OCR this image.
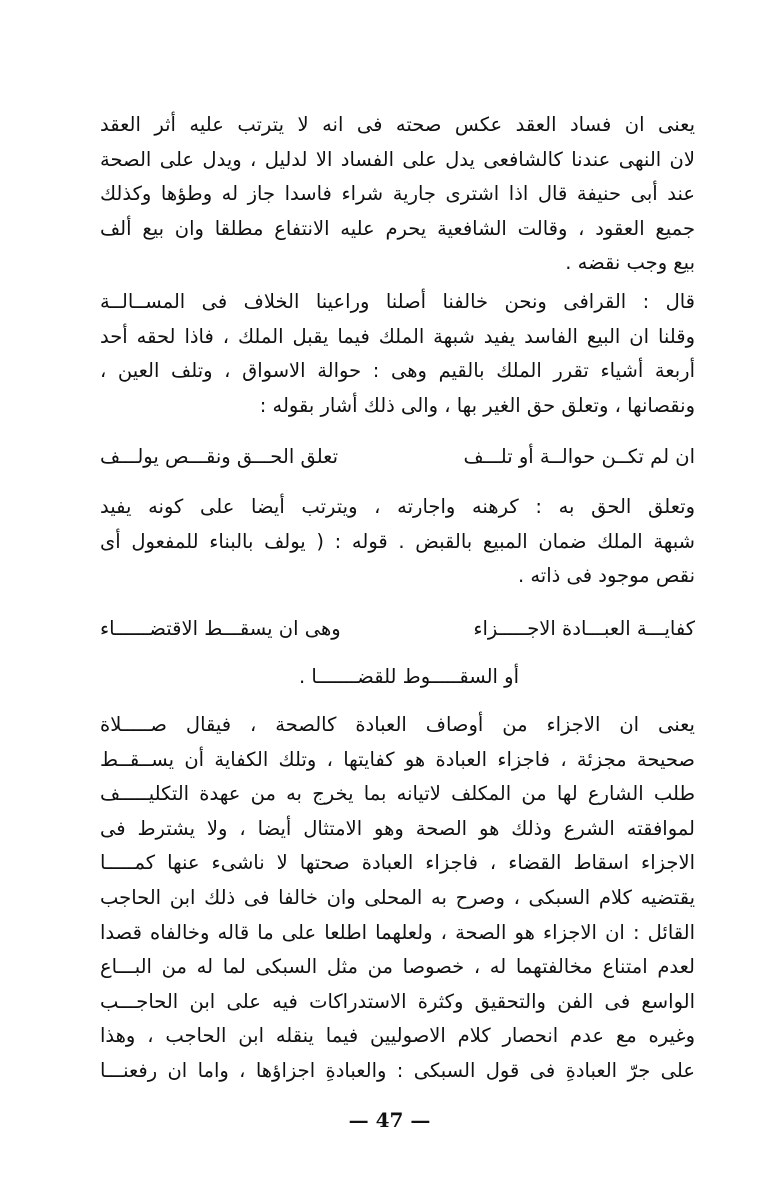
يعنى ان فساد العقد عكس صحته فى انه لا يترتب عليه أثر العقد
لان النهى عندنا كالشافعى يدل على الفساد الا لدليل ، ويدل على الصحة
عند أبى حنيفة قال اذا اشترى جارية شراء فاسدا جاز له وطؤها وكذلك
جميع العقود ، وقالت الشافعية يحرم عليه الانتفاع مطلقا وان بيع ألف
بيع وجب نقضه .
قال : القرافى ونحن خالفنا أصلنا وراعينا الخلاف فى المســالــة
وقلنا ان البيع الفاسد يفيد شبهة الملك فيما يقبل الملك ، فاذا لحقه أحد
أربعة أشياء تقرر الملك بالقيم وهى : حوالة الاسواق ، وتلف العين ،
ونقصانها ، وتعلق حق الغير بها ، والى ذلك أشار بقوله :
ان لم تكــن حوالــة أو تلـــف
تعلق الحـــق ونقـــص يولـــف
وتعلق الحق به : كرهنه واجارته ، ويترتب أيضا على كونه يفيد
شبهة الملك ضمان المبيع بالقبض . قوله : ( يولف بالبناء للمفعول أى
نقص موجود فى ذاته .
كفايـــة العبـــادة الاجـــــزاء
وهى ان يسقـــط الاقتضــــــاء
أو السقـــــوط للقضـــــــا .
يعنى ان الاجزاء من أوصاف العبادة كالصحة ، فيقال صـــــلاة
صحيحة مجزئة ، فاجزاء العبادة هو كفايتها ، وتلك الكفاية أن يســقــط
طلب الشارع لها من المكلف لاتيانه بما يخرج به من عهدة التكليـــــف
لموافقته الشرع وذلك هو الصحة وهو الامتثال أيضا ، ولا يشترط فى
الاجزاء اسقاط القضاء ، فاجزاء العبادة صحتها لا ناشىء عنها كمـــــا
يقتضيه كلام السبكى ، وصرح به المحلى وان خالفا فى ذلك ابن الحاجب
القائل : ان الاجزاء هو الصحة ، ولعلهما اطلعا على ما قاله وخالفاه قصدا
لعدم امتناع مخالفتهما له ، خصوصا من مثل السبكى لما له من البـــاع
الواسع فى الفن والتحقيق وكثرة الاستدراكات فيه على ابن الحاجـــب
وغيره مع عدم انحصار كلام الاصوليين فيما ينقله ابن الحاجب ، وهذا
على جرّ العبادةِ فى قول السبكى : والعبادةِ اجزاؤها ، واما ان رفعنـــا
— 47 —
